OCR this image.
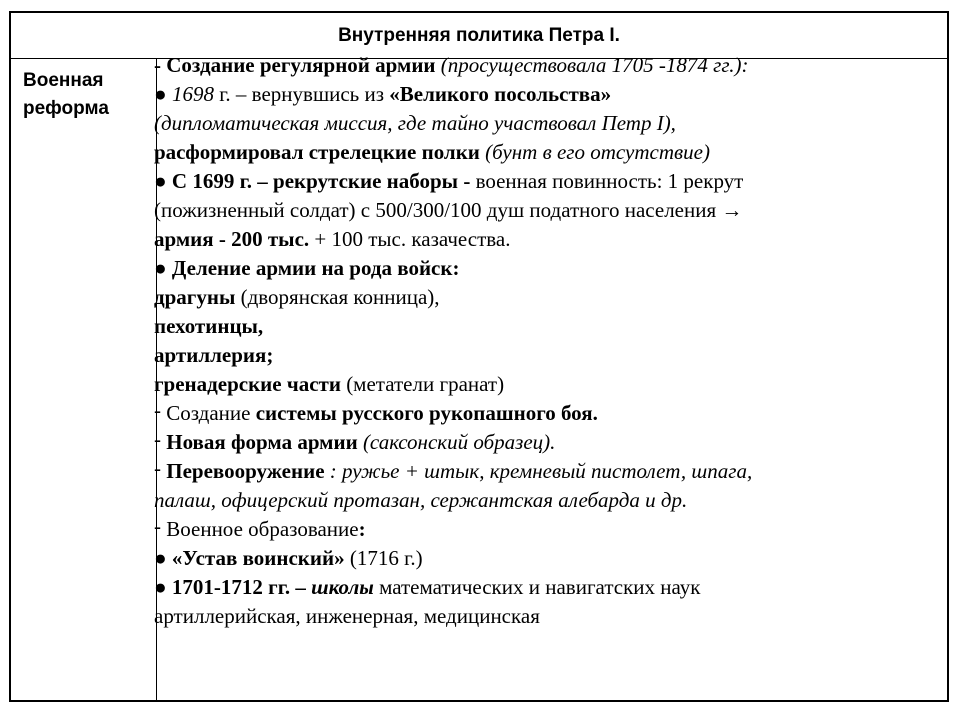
Внутренняя политика Петра I.
Военная
реформа
- Создание регулярной армии (просуществовала 1705 -1874 гг.):
● 1698 г. – вернувшись из «Великого посольства»
(дипломатическая миссия, где тайно участвовал Петр I),
расформировал стрелецкие полки (бунт в его отсутствие)
● С 1699 г. – рекрутские наборы - военная повинность: 1 рекрут
(пожизненный солдат) с 500/300/100 душ податного населения →
армия - 200 тыс. + 100 тыс. казачества.
● Деление армии на рода войск:
драгуны (дворянская конница),
пехотинцы,
артиллерия;
гренадерские части (метатели гранат)
- Создание системы русского рукопашного боя.
- Новая форма армии (саксонский образец).
- Перевооружение : ружье + штык, кремневый пистолет, шпага,
палаш, офицерский протазан, сержантская алебарда и др.
- Военное образование:
● «Устав воинский» (1716 г.)
● 1701-1712 гг. – школы математических и навигатских наук
артиллерийская, инженерная, медицинская
